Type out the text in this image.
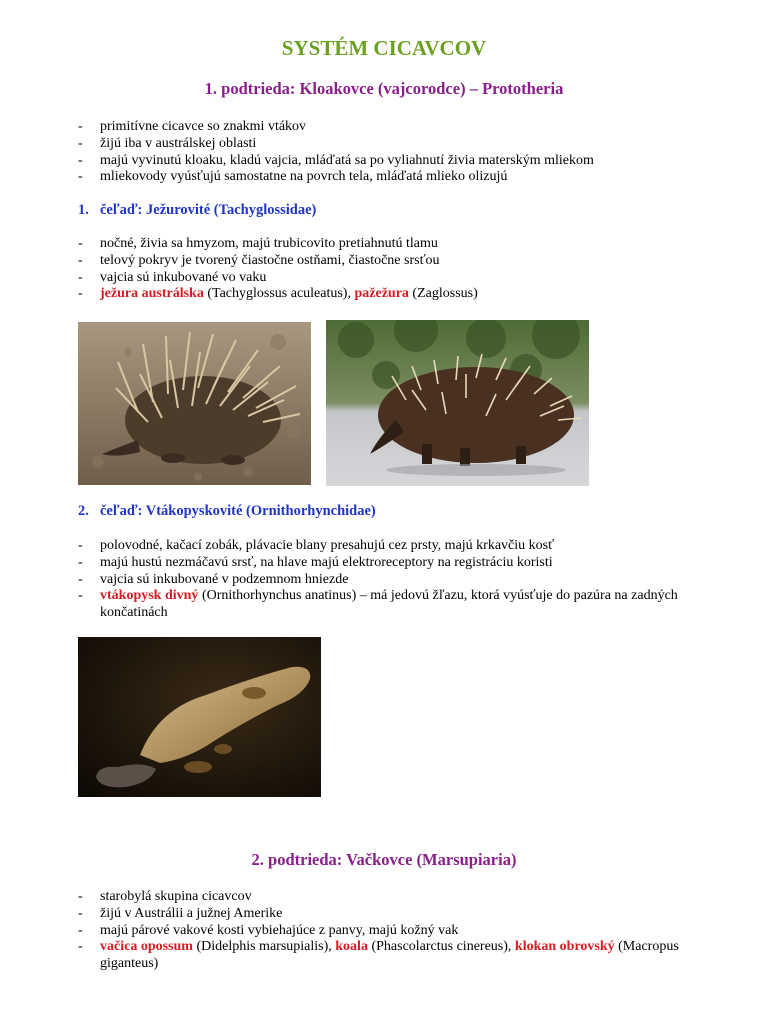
SYSTÉM CICAVCOV
1. podtrieda: Kloakovce (vajcorodce) – Prototheria
- primitívne cicavce so znakmi vtákov
- žijú iba v austrálskej oblasti
- majú vyvinutú kloaku, kladú vajcia, mláďatá sa po vyliahnutí živia materským mliekom
- mliekovody vyúsťujú samostatne na povrch tela, mláďatá mlieko olizujú
1. čeľaď: Ježurovité (Tachyglossidae)
- nočné, živia sa hmyzom, majú trubicovito pretiahnutú tlamu
- telový pokryv je tvorený čiastočne ostňami, čiastočne srsťou
- vajcia sú inkubované vo vaku
- ježura austrálska (Tachyglossus aculeatus), pažežura (Zaglossus)
2. čeľaď: Vtákopyskovité (Ornithorhynchidae)
- polovodné, kačací zobák, plávacie blany presahujú cez prsty, majú krkavčiu kosť
- majú hustú nezmáčavú srsť, na hlave majú elektroreceptory na registráciu koristi
- vajcia sú inkubované v podzemnom hniezde
- vtákopysk divný (Ornithorhynchus anatinus) – má jedovú žľazu, ktorá vyúsťuje do pazúra na zadných končatinách
2. podtrieda: Vačkovce (Marsupiaria)
- starobylá skupina cicavcov
- žijú v Austrálii a južnej Amerike
- majú párové vakové kosti vybiehajúce z panvy, majú kožný vak
- vačica opossum (Didelphis marsupialis), koala (Phascolarctus cinereus), klokan obrovský (Macropus giganteus)
